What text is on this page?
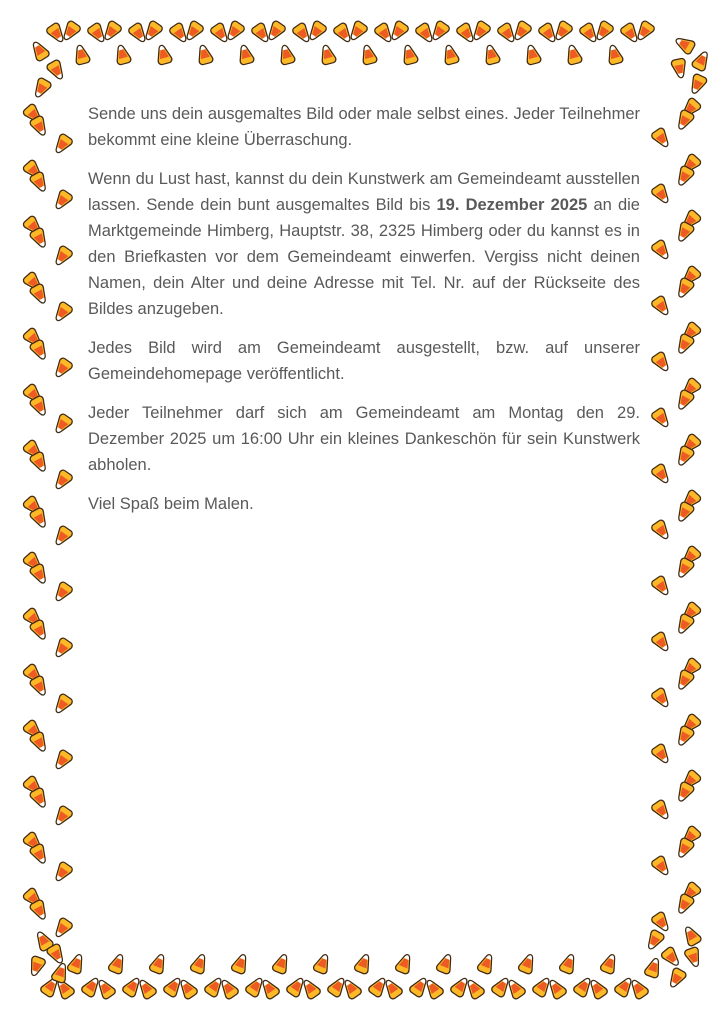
Sende uns dein ausgemaltes Bild oder male selbst eines. Jeder Teilnehmer bekommt eine kleine Überraschung.

Wenn du Lust hast, kannst du dein Kunstwerk am Gemeindeamt ausstellen lassen. Sende dein bunt ausgemaltes Bild bis 19. Dezember 2025 an die Marktgemeinde Himberg, Hauptstr. 38, 2325 Himberg oder du kannst es in den Briefkasten vor dem Gemeindeamt einwerfen. Vergiss nicht deinen Namen, dein Alter und deine Adresse mit Tel. Nr. auf der Rückseite des Bildes anzugeben.

Jedes Bild wird am Gemeindeamt ausgestellt, bzw. auf unserer Gemeindehomepage veröffentlicht.

Jeder Teilnehmer darf sich am Gemeindeamt am Montag den 29. Dezember 2025 um 16:00 Uhr ein kleines Dankeschön für sein Kunstwerk abholen.

Viel Spaß beim Malen.
